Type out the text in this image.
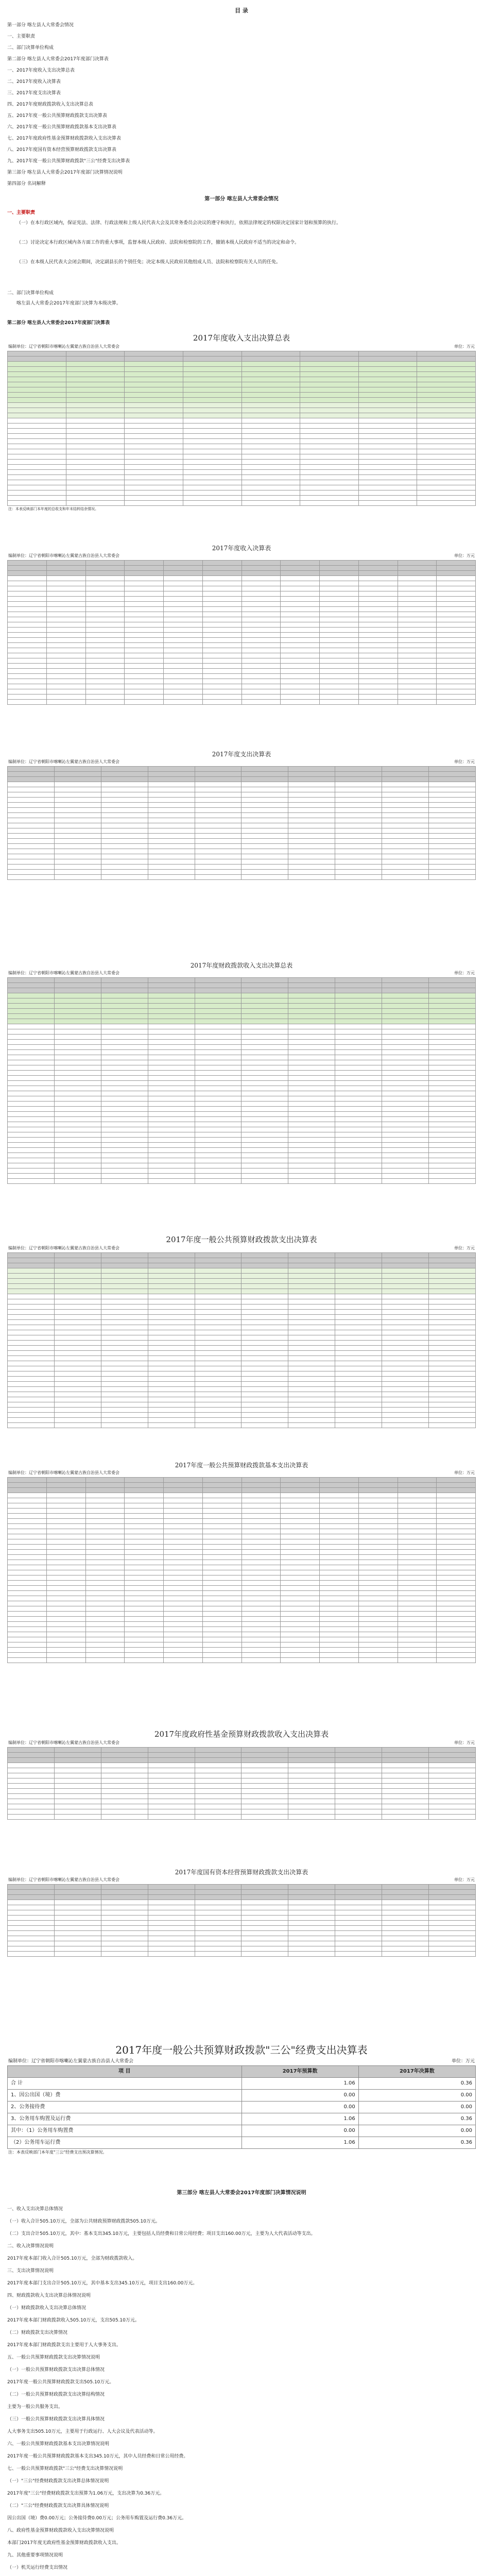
目 录
第一部分 喀左县人大常委会情况
一、主要职责
二、部门决算单位构成
第二部分 喀左县人大常委会2017年度部门决算表
一、2017年度收入支出决算总表
二、2017年度收入决算表
三、2017年度支出决算表
四、2017年度财政拨款收入支出决算总表
五、2017年度一般公共预算财政拨款支出决算表
六、2017年度一般公共预算财政拨款基本支出决算表
七、2017年度政府性基金预算财政拨款收入支出决算表
八、2017年度国有资本经营预算财政拨款支出决算表
九、2017年度一般公共预算财政拨款"三公"经费支出决算表
第三部分 喀左县人大常委会2017年度部门决算情况说明
第四部分 名词解释
第一部分 喀左县人大常委会情况
一、主要职责
（一）在本行政区域内，保证宪法、法律、行政法规和上级人民代表大会及其常务委员会决议的遵守和执行，依照法律规定的权限决定国家计划和预算的执行。
（二）讨论决定本行政区域内各方面工作的重大事项，监督本级人民政府、法院和检察院的工作，撤销本级人民政府不适当的决定和命令。
（三）在本级人民代表大会闭会期间，决定副县长的个别任免；决定本级人民政府其他组成人员、法院和检察院有关人员的任免。
二、部门决算单位构成
喀左县人大常委会2017年度部门决算为本级决算。
第二部分 喀左县人大常委会2017年度部门决算表
2017年度收入支出决算总表
编制单位：辽宁省朝阳市喀喇沁左翼蒙古族自治县人大常委会	单位：万元

注：本表反映部门本年度的总收支和年末结转结余情况。
2017年度收入决算表
编制单位：辽宁省朝阳市喀喇沁左翼蒙古族自治县人大常委会	单位：万元

2017年度支出决算表
编制单位：辽宁省朝阳市喀喇沁左翼蒙古族自治县人大常委会	单位：万元

2017年度财政拨款收入支出决算总表
编制单位：辽宁省朝阳市喀喇沁左翼蒙古族自治县人大常委会	单位：万元

2017年度一般公共预算财政拨款支出决算表
编制单位：辽宁省朝阳市喀喇沁左翼蒙古族自治县人大常委会	单位：万元

2017年度一般公共预算财政拨款基本支出决算表
编制单位：辽宁省朝阳市喀喇沁左翼蒙古族自治县人大常委会	单位：万元

2017年度政府性基金预算财政拨款收入支出决算表
编制单位：辽宁省朝阳市喀喇沁左翼蒙古族自治县人大常委会	单位：万元

2017年度国有资本经营预算财政拨款支出决算表
编制单位：辽宁省朝阳市喀喇沁左翼蒙古族自治县人大常委会	单位：万元

2017年度一般公共预算财政拨款"三公"经费支出决算表
编制单位：辽宁省朝阳市喀喇沁左翼蒙古族自治县人大常委会	单位：万元
项 目	2017年预算数	2017年决算数
合 计	1.06	0.36
1、因公出国（境）费	0.00	0.00
2、公务接待费	0.00	0.00
3、公务用车购置及运行费	1.06	0.36
其中：（1）公务用车购置费	0.00	0.00
（2）公务用车运行费	1.06	0.36
注：本表反映部门本年度"三公"经费支出预决算情况。
第三部分 喀左县人大常委会2017年度部门决算情况说明
一、收入支出决算总体情况
（一）收入合计505.10万元，全部为公共财政预算财政拨款505.10万元。
（二）支出合计505.10万元，其中：基本支出345.10万元，主要包括人员经费和日常公用经费；项目支出160.00万元，主要为人大代表活动等支出。
二、收入决算情况说明
2017年度本部门收入合计505.10万元，全部为财政拨款收入。
三、支出决算情况说明
2017年度本部门支出合计505.10万元，其中基本支出345.10万元，项目支出160.00万元。
四、财政拨款收入支出决算总体情况说明
（一）财政拨款收入支出决算总体情况
2017年度本部门财政拨款收入505.10万元，支出505.10万元。
（二）财政拨款支出决算情况
2017年度本部门财政拨款支出主要用于人大事务支出。
五、一般公共预算财政拨款支出决算情况说明
（一）一般公共预算财政拨款支出决算总体情况
2017年度一般公共预算财政拨款支出505.10万元。
（二）一般公共预算财政拨款支出决算结构情况
主要为一般公共服务支出。
（三）一般公共预算财政拨款支出决算具体情况
人大事务支出505.10万元，主要用于行政运行、人大会议及代表活动等。
六、一般公共预算财政拨款基本支出决算情况说明
2017年度一般公共预算财政拨款基本支出345.10万元，其中人员经费和日常公用经费。
七、一般公共预算财政拨款"三公"经费支出决算情况说明
（一）"三公"经费财政拨款支出决算总体情况说明
2017年度"三公"经费财政拨款支出预算为1.06万元，支出决算为0.36万元。
（二）"三公"经费财政拨款支出决算具体情况说明
因公出国（境）费0.00万元；公务接待费0.00万元；公务用车购置及运行费0.36万元。
八、政府性基金预算财政拨款收入支出决算情况说明
本部门2017年度无政府性基金预算财政拨款收入支出。
九、其他重要事项情况说明
（一）机关运行经费支出情况
